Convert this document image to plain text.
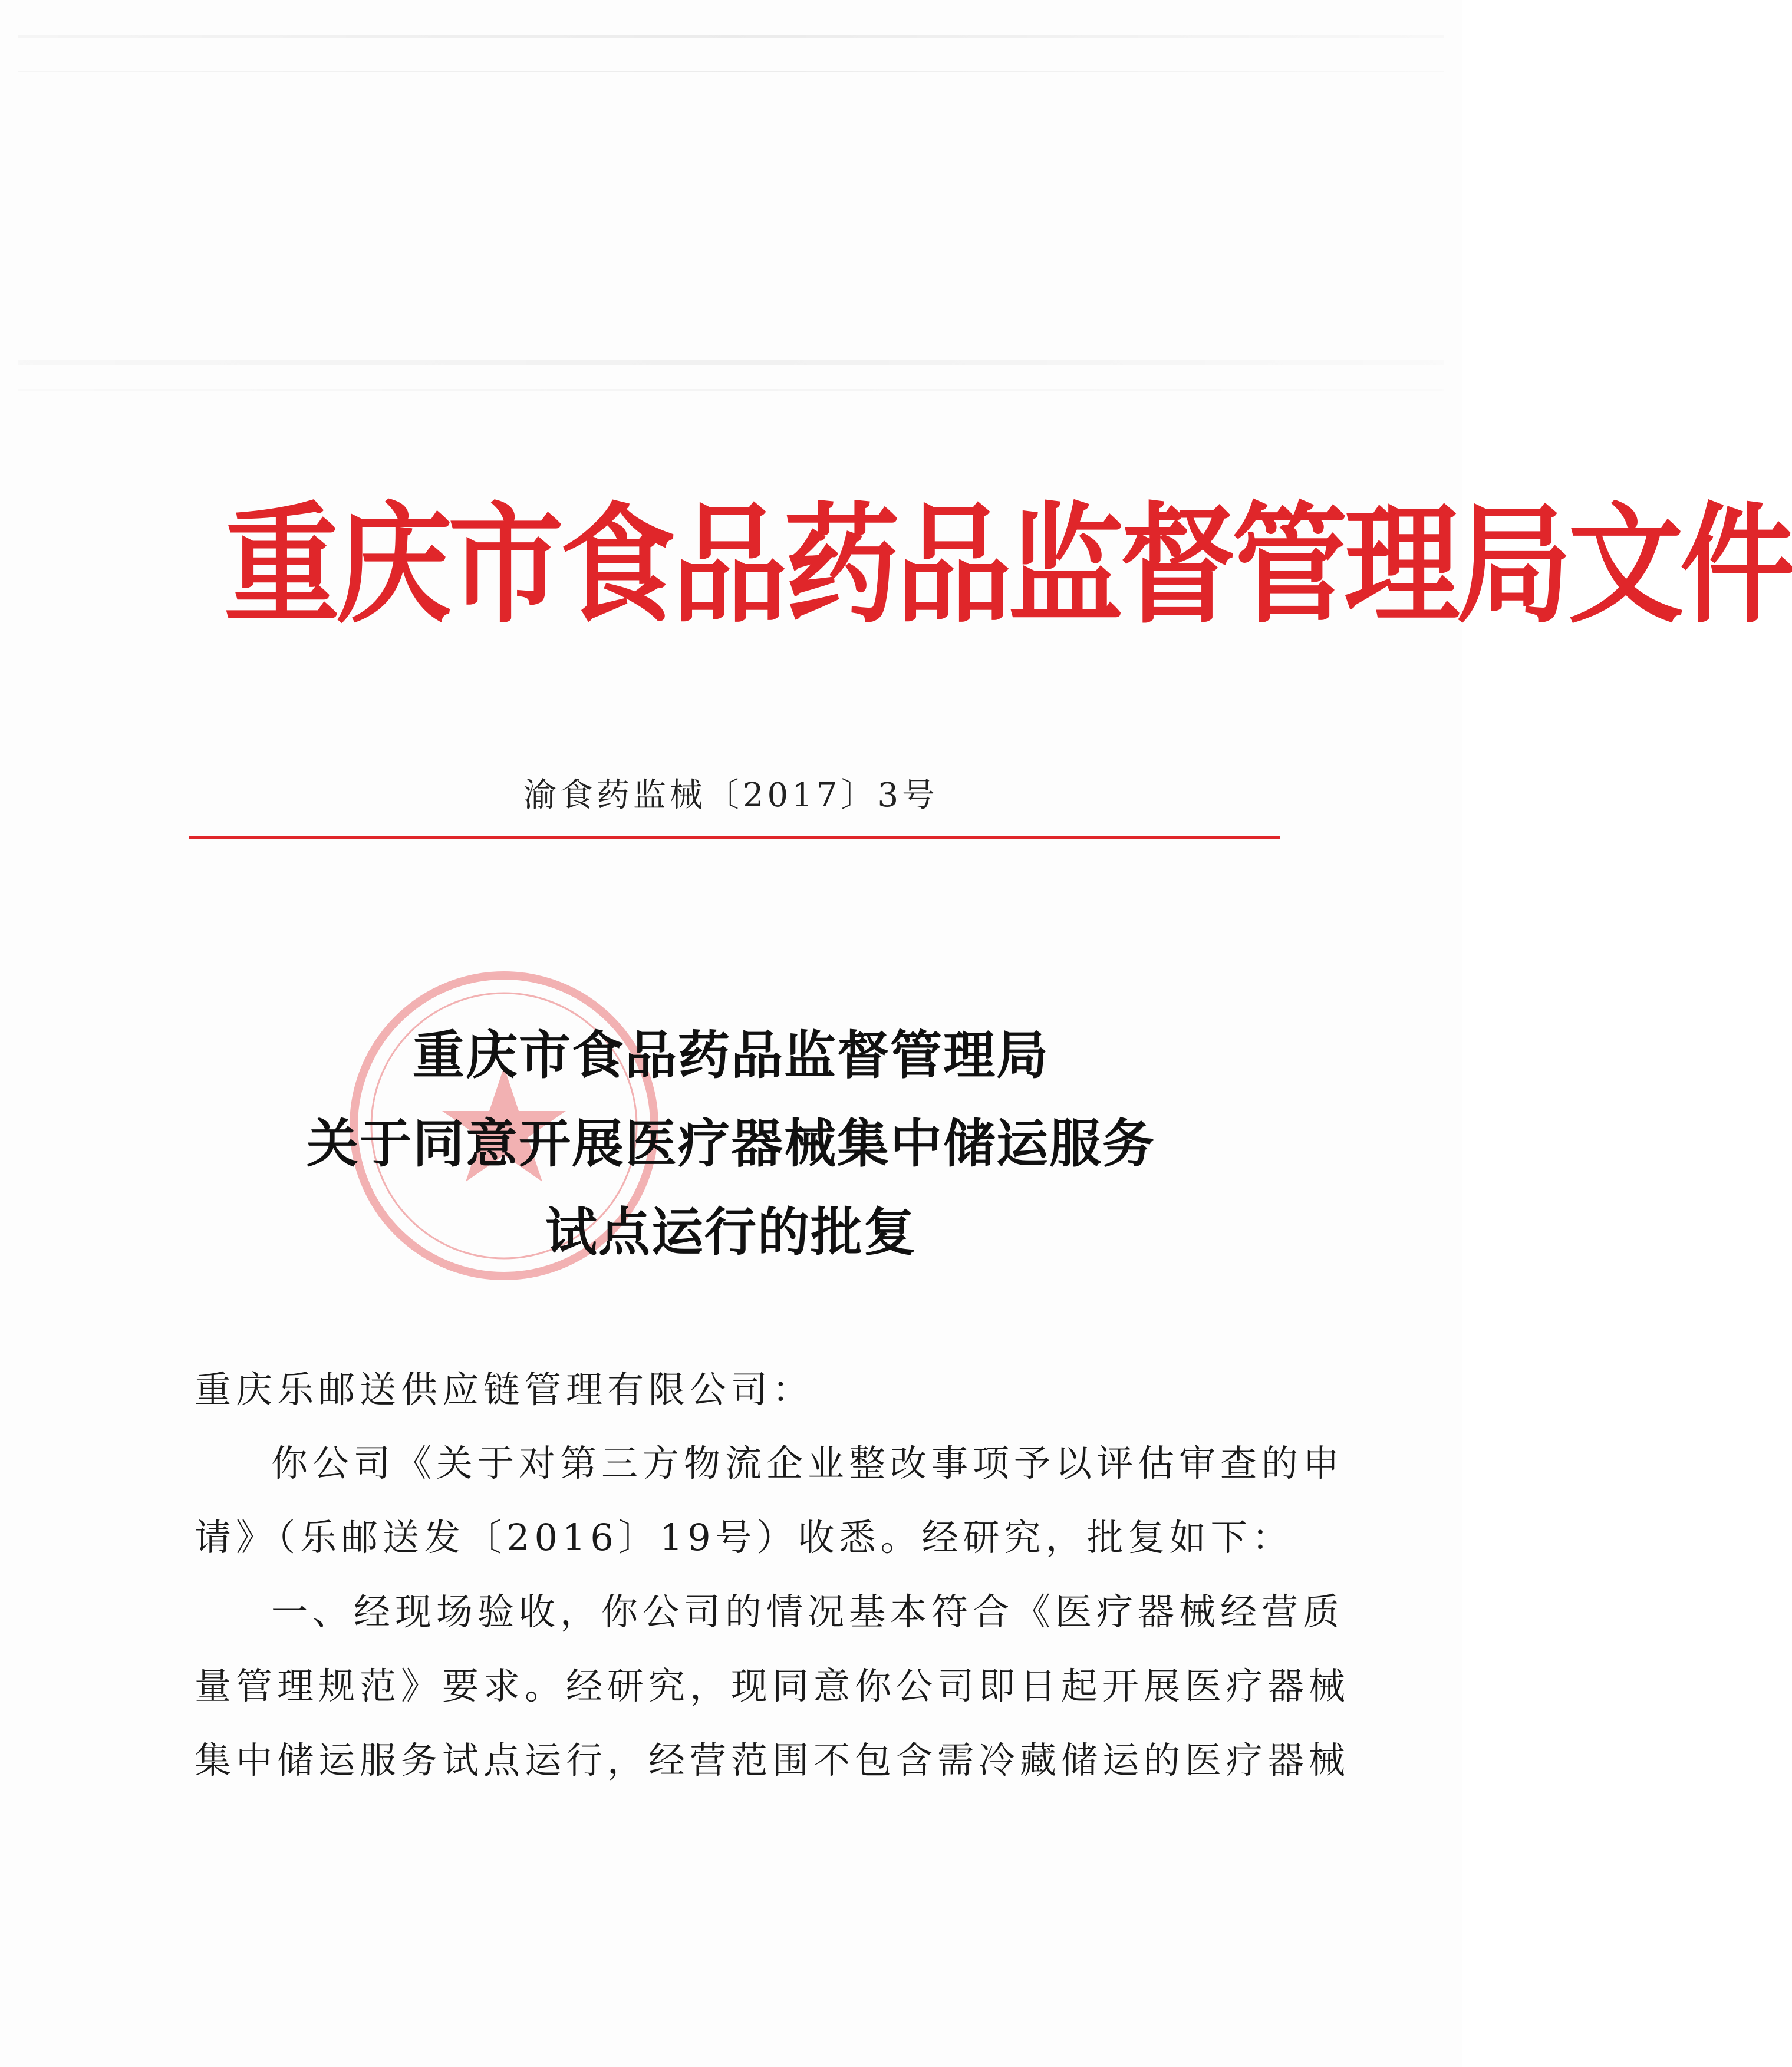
重庆市食品药品监督管理局文件
渝食药监械〔2017〕3号
重庆市食品药品监督管理局
关于同意开展医疗器械集中储运服务
试点运行的批复
重庆乐邮送供应链管理有限公司：
你公司《关于对第三方物流企业整改事项予以评估审查的申
请》（乐邮送发〔2016〕19号）收悉。经研究，批复如下：
一、经现场验收，你公司的情况基本符合《医疗器械经营质
量管理规范》要求。经研究，现同意你公司即日起开展医疗器械
集中储运服务试点运行，经营范围不包含需冷藏储运的医疗器械
